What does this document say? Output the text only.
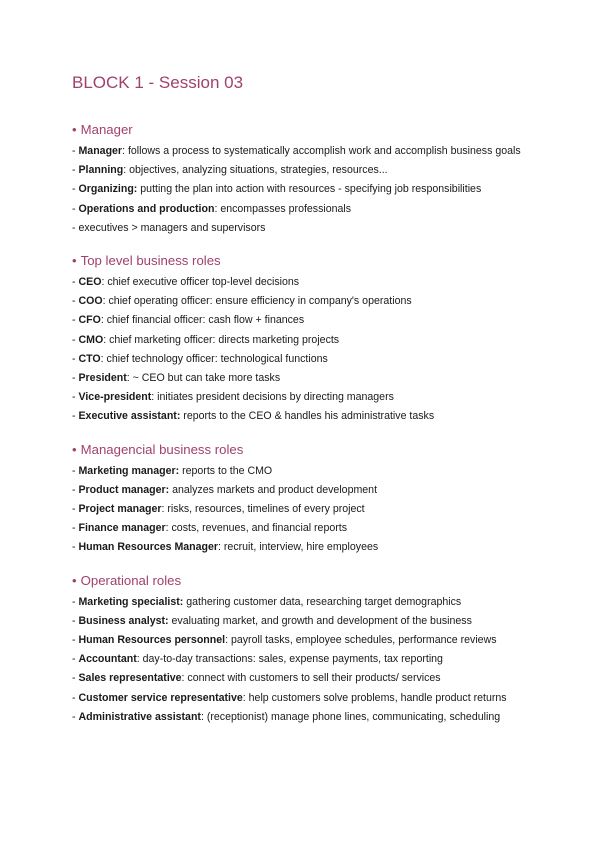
BLOCK 1 - Session 03
• Manager

- Manager: follows a process to systematically accomplish work and accomplish business goals

- Planning: objectives, analyzing situations, strategies, resources...

- Organizing: putting the plan into action with resources - specifying job responsibilities

- Operations and production: encompasses professionals

- executives > managers and supervisors

• Top level business roles

- CEO: chief executive officer top-level decisions

- COO: chief operating officer: ensure efficiency in company's operations

- CFO: chief financial officer: cash flow + finances

- CMO: chief marketing officer: directs marketing projects

- CTO: chief technology officer: technological functions

- President: ~ CEO but can take more tasks

- Vice-president: initiates president decisions by directing managers

- Executive assistant: reports to the CEO & handles his administrative tasks

• Managencial business roles

- Marketing manager: reports to the CMO

- Product manager: analyzes markets and product development

- Project manager: risks, resources, timelines of every project

- Finance manager: costs, revenues, and financial reports

- Human Resources Manager: recruit, interview, hire employees

• Operational roles

- Marketing specialist: gathering customer data, researching target demographics

- Business analyst: evaluating market, and growth and development of the business

- Human Resources personnel: payroll tasks, employee schedules, performance reviews

- Accountant: day-to-day transactions: sales, expense payments, tax reporting

- Sales representative: connect with customers to sell their products/ services

- Customer service representative: help customers solve problems, handle product returns

- Administrative assistant: (receptionist) manage phone lines, communicating, scheduling
